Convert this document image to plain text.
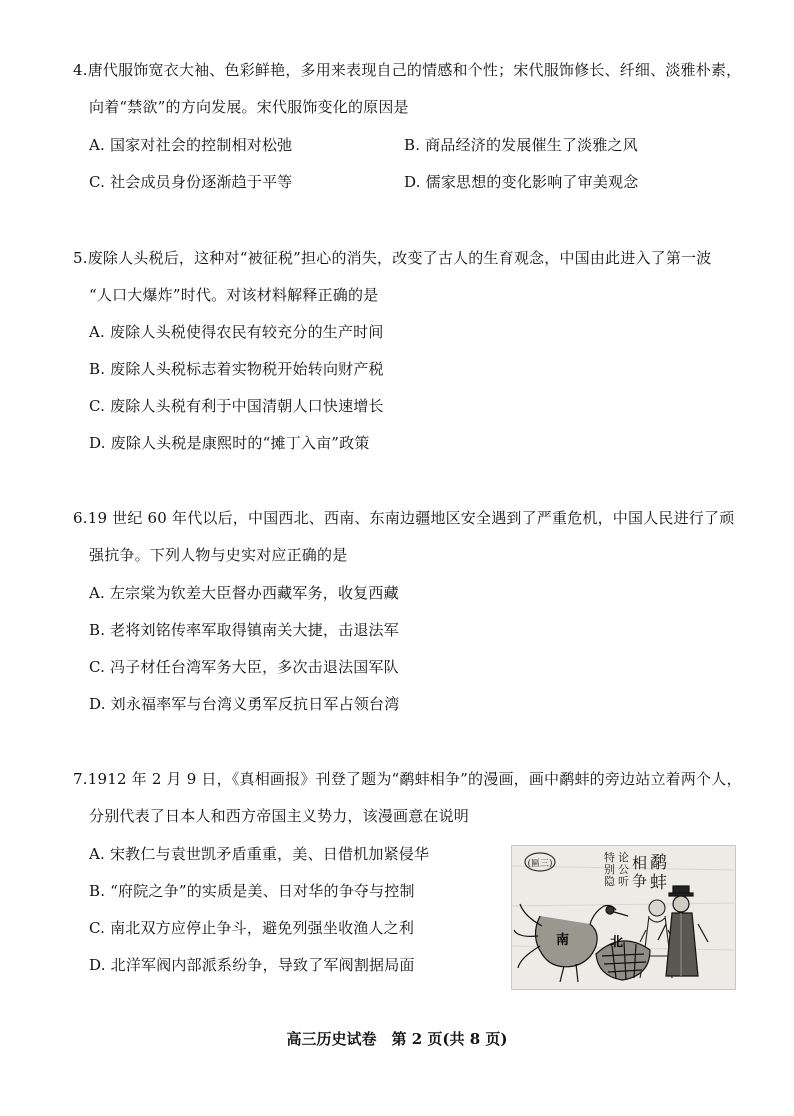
4.唐代服饰宽衣大袖、色彩鲜艳，多用来表现自己的情感和个性；宋代服饰修长、纤细、淡雅朴素，
向着“禁欲”的方向发展。宋代服饰变化的原因是
A. 国家对社会的控制相对松弛	B. 商品经济的发展催生了淡雅之风
C. 社会成员身份逐渐趋于平等	D. 儒家思想的变化影响了审美观念
5.废除人头税后，这种对“被征税”担心的消失，改变了古人的生育观念，中国由此进入了第一波
“人口大爆炸”时代。对该材料解释正确的是
A. 废除人头税使得农民有较充分的生产时间
B. 废除人头税标志着实物税开始转向财产税
C. 废除人头税有利于中国清朝人口快速增长
D. 废除人头税是康熙时的“摊丁入亩”政策
6.19 世纪 60 年代以后，中国西北、西南、东南边疆地区安全遇到了严重危机，中国人民进行了顽
强抗争。下列人物与史实对应正确的是
A. 左宗棠为钦差大臣督办西藏军务，收复西藏
B. 老将刘铭传率军取得镇南关大捷，击退法军
C. 冯子材任台湾军务大臣，多次击退法国军队
D. 刘永福率军与台湾义勇军反抗日军占领台湾
7.1912 年 2 月 9 日，《真相画报》刊登了题为“鹬蚌相争”的漫画，画中鹬蚌的旁边站立着两个人，
分别代表了日本人和西方帝国主义势力，该漫画意在说明
A. 宋教仁与袁世凯矛盾重重，美、日借机加紧侵华
B. “府院之争”的实质是美、日对华的争夺与控制
C. 南北双方应停止争斗，避免列强坐收渔人之利
D. 北洋军阀内部派系纷争，导致了军阀割据局面
(匾三)	特
别
隐
论
公
听
鹬
蚌
相
争
南	北
高三历史试卷　第 2 页(共 8 页)
